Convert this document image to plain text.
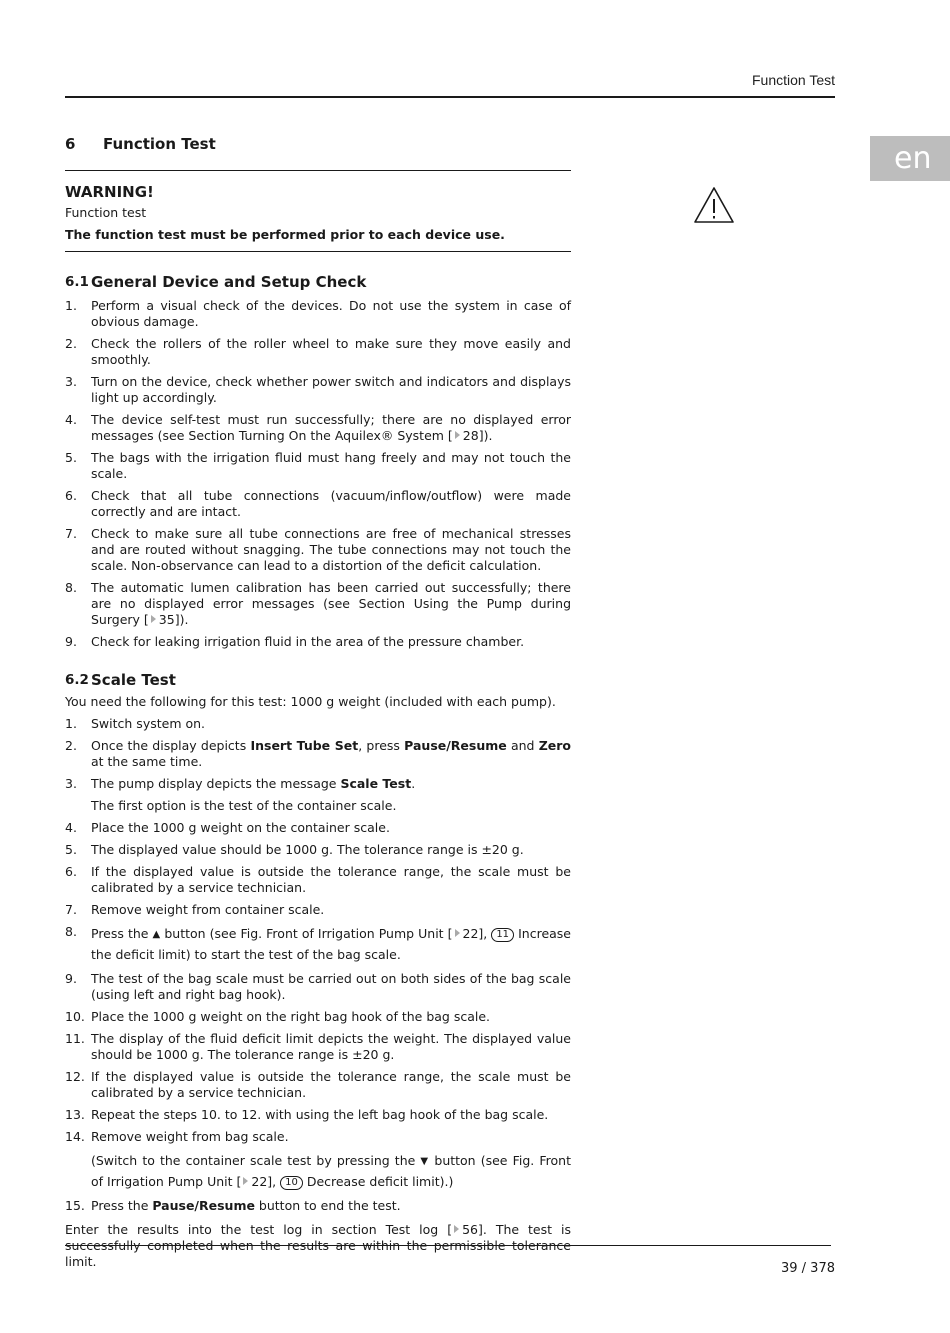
Function Test
en
6	Function Test
WARNING!
Function test
The function test must be performed prior to each device use.
6.1 General Device and Setup Check
1.	Perform a visual check of the devices. Do not use the system in case of obvious damage.
2.	Check the rollers of the roller wheel to make sure they move easily and smoothly.
3.	Turn on the device, check whether power switch and indicators and displays light up accordingly.
4.	The device self-test must run successfully; there are no displayed error messages (see Section Turning On the Aquilex® System [ 28]).
5.	The bags with the irrigation fluid must hang freely and may not touch the scale.
6.	Check that all tube connections (vacuum/inflow/outflow) were made correctly and are intact.
7.	Check to make sure all tube connections are free of mechanical stresses and are routed without snagging. The tube connections may not touch the scale. Non-observance can lead to a distortion of the deficit calculation.
8.	The automatic lumen calibration has been carried out successfully; there are no displayed error messages (see Section Using the Pump during Surgery [ 35]).
9.	Check for leaking irrigation fluid in the area of the pressure chamber.
6.2 Scale Test
You need the following for this test: 1000 g weight (included with each pump).
1.	Switch system on.
2.	Once the display depicts Insert Tube Set, press Pause/Resume and Zero at the same time.
3.	The pump display depicts the message Scale Test.
The first option is the test of the container scale.
4.	Place the 1000 g weight on the container scale.
5.	The displayed value should be 1000 g. The tolerance range is ±20 g.
6.	If the displayed value is outside the tolerance range, the scale must be calibrated by a service technician.
7.	Remove weight from container scale.
8.	Press the ▲ button (see Fig. Front of Irrigation Pump Unit [ 22], 11 Increase the deficit limit) to start the test of the bag scale.
9.	The test of the bag scale must be carried out on both sides of the bag scale (using left and right bag hook).
10. Place the 1000 g weight on the right bag hook of the bag scale.
11. The display of the fluid deficit limit depicts the weight. The displayed value should be 1000 g. The tolerance range is ±20 g.
12. If the displayed value is outside the tolerance range, the scale must be calibrated by a service technician.
13. Repeat the steps 10. to 12. with using the left bag hook of the bag scale.
14. Remove weight from bag scale.
(Switch to the container scale test by pressing the ▼ button (see Fig. Front of Irrigation Pump Unit [ 22], 10 Decrease deficit limit).)
15. Press the Pause/Resume button to end the test.
Enter the results into the test log in section Test log [ 56]. The test is successfully completed when the results are within the permissible tolerance limit.	39 / 378
